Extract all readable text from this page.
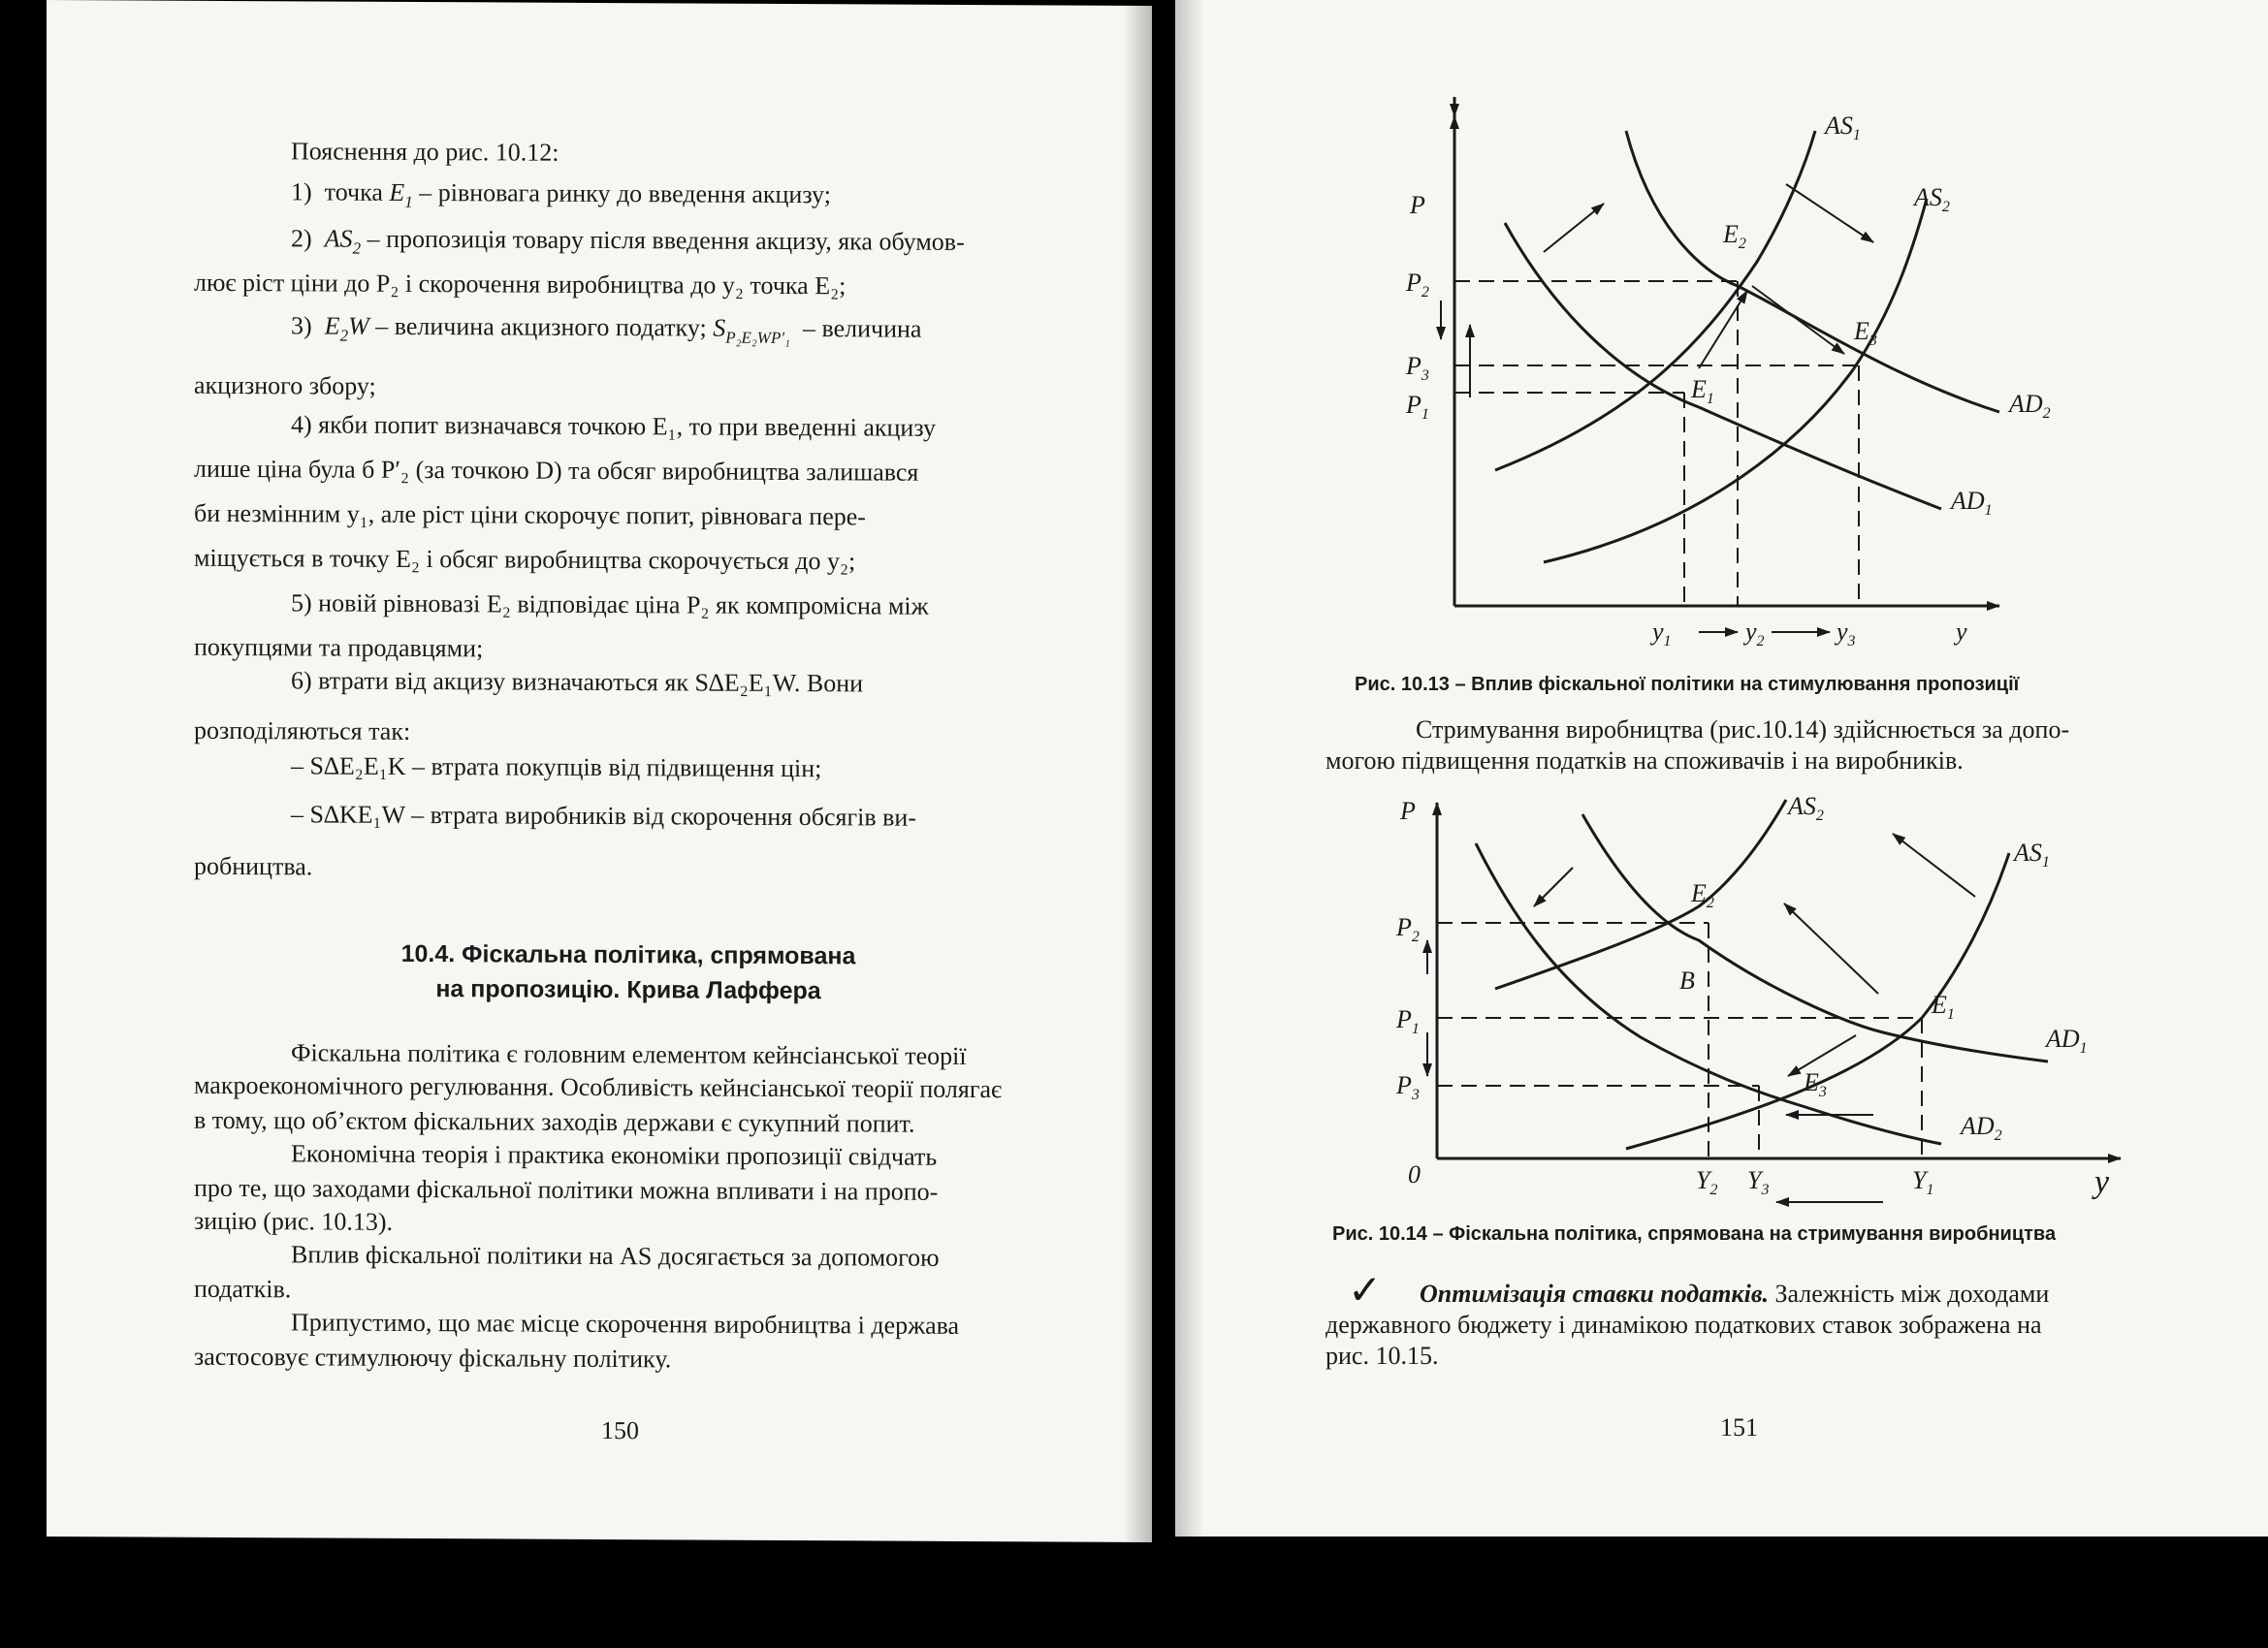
Пояснення до рис. 10.12:
1) точка $E_1$ – рівновага ринку до введення акцизу;
2) $AS_2$ – пропозиція товару після введення акцизу, яка обумов-
лює ріст ціни до P₂ і скорочення виробництва до y₂ точка E₂;
3) $E_2W$ – величина акцизного податку; $S_{P_2E_2WP'_1}$ – величина
акцизного збору;
4) якби попит визначався точкою E₁, то при введенні акцизу
лише ціна була б P′₂ (за точкою D) та обсяг виробництва залишався
би незмінним y₁, але ріст ціни скорочує попит, рівновага пере-
міщується в точку E₂ і обсяг виробництва скорочується до y₂;
5) новій рівновазі E₂ відповідає ціна P₂ як компромісна між
покупцями та продавцями;
6) втрати від акцизу визначаються як S∆E₂E₁W. Вони
розподіляються так:
– S∆E₂E₁K – втрата покупців від підвищення цін;
– S∆KE₁W – втрата виробників від скорочення обсягів ви-
робництва.
10.4. Фіскальна політика, спрямована
на пропозицію. Крива Лаффера
Фіскальна політика є головним елементом кейнсіанської теорії
макроекономічного регулювання. Особливість кейнсіанської теорії полягає
в тому, що об’єктом фіскальних заходів держави є сукупний попит.
Економічна теорія і практика економіки пропозиції свідчать
про те, що заходами фіскальної політики можна впливати і на пропо-
зицію (рис. 10.13).
Вплив фіскальної політики на AS досягається за допомогою
податків.
Припустимо, що має місце скорочення виробництва і держава
застосовує стимулюючу фіскальну політику.
150
$AS_1$
$AS_2$
$AD_1$
$AD_2$
$E_1$
$E_2$
$E_3$
P
$P_2$
$P_3$
$P_1$
$y_1$	$y_2$	$y_3$	y
Рис. 10.13 – Вплив фіскальної політики на стимулювання пропозиції
Стримування виробництва (рис.10.14) здійснюється за допо-
могою підвищення податків на споживачів і на виробників.
P	$AS_2$
$AS_1$
$AD_1$
$AD_2$
$E_2$
B
$E_1$
$E_3$
$P_2$
$P_1$
$P_3$
0	$Y_2$ $Y_3$	$Y_1$	y
Рис. 10.14 – Фіскальна політика, спрямована на стримування виробництва
✓ Оптимізація ставки податків. Залежність між доходами
державного бюджету і динамікою податкових ставок зображена на
рис. 10.15.
151
